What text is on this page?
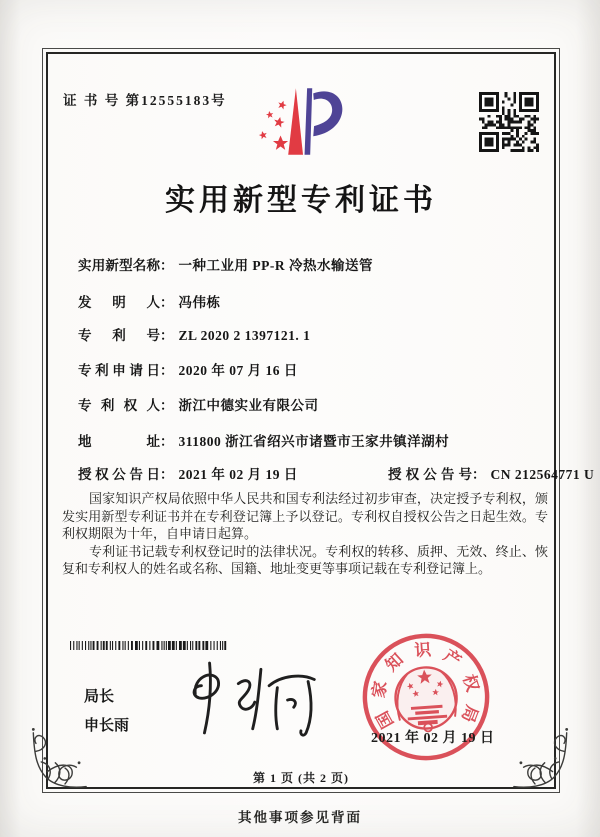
证 书 号 第12555183号
实用新型专利证书
实用新型名称： 一种工业用 PP-R 冷热水输送管
发明人： 冯伟栋
专利号： ZL 2020 2 1397121. 1
专利申请日： 2020 年 07 月 16 日
专利权人： 浙江中德实业有限公司
地址： 311800 浙江省绍兴市诸暨市王家井镇洋湖村
授权公告日： 2021 年 02 月 19 日	授权公告号： CN 212564771 U

国家知识产权局依照中华人民共和国专利法经过初步审查，决定授予专利权，颁发实用新型专利证书并在专利登记簿上予以登记。专利权自授权公告之日起生效。专利权期限为十年，自申请日起算。

专利证书记载专利权登记时的法律状况。专利权的转移、质押、无效、终止、恢复和专利权人的姓名或名称、国籍、地址变更等事项记载在专利登记簿上。

局长
申长雨	国
家
知 识 产
权
局
2021 年 02 月 19 日
第 1 页 (共 2 页)
其他事项参见背面
